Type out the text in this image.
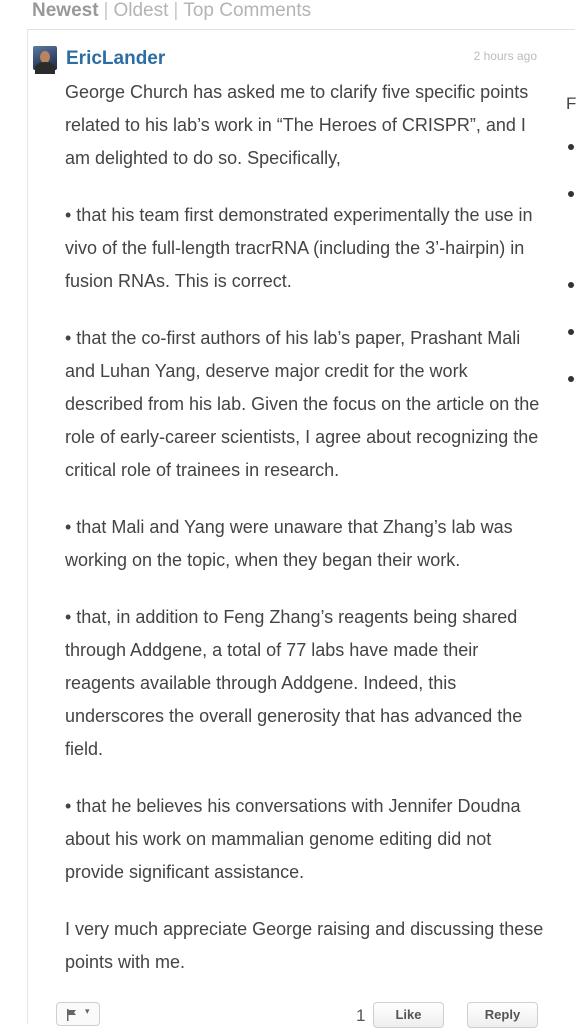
Newest | Oldest | Top Comments
EricLander	2 hours ago

George Church has asked me to clarify five specific points related to his lab’s work in “The Heroes of CRISPR”, and I am delighted to do so. Specifically,

• that his team first demonstrated experimentally the use in vivo of the full-length tracrRNA (including the 3’-hairpin) in fusion RNAs. This is correct.

• that the co-first authors of his lab’s paper, Prashant Mali and Luhan Yang, deserve major credit for the work described from his lab. Given the focus on the article on the role of early-career scientists, I agree about recognizing the critical role of trainees in research.

• that Mali and Yang were unaware that Zhang’s lab was working on the topic, when they began their work.

• that, in addition to Feng Zhang’s reagents being shared through Addgene, a total of 77 labs have made their reagents available through Addgene. Indeed, this underscores the overall generosity that has advanced the field.

• that he believes his conversations with Jennifer Doudna about his work on mammalian genome editing did not provide significant assistance.

I very much appreciate George raising and discussing these points with me.

F
▾	1	Like	Reply
